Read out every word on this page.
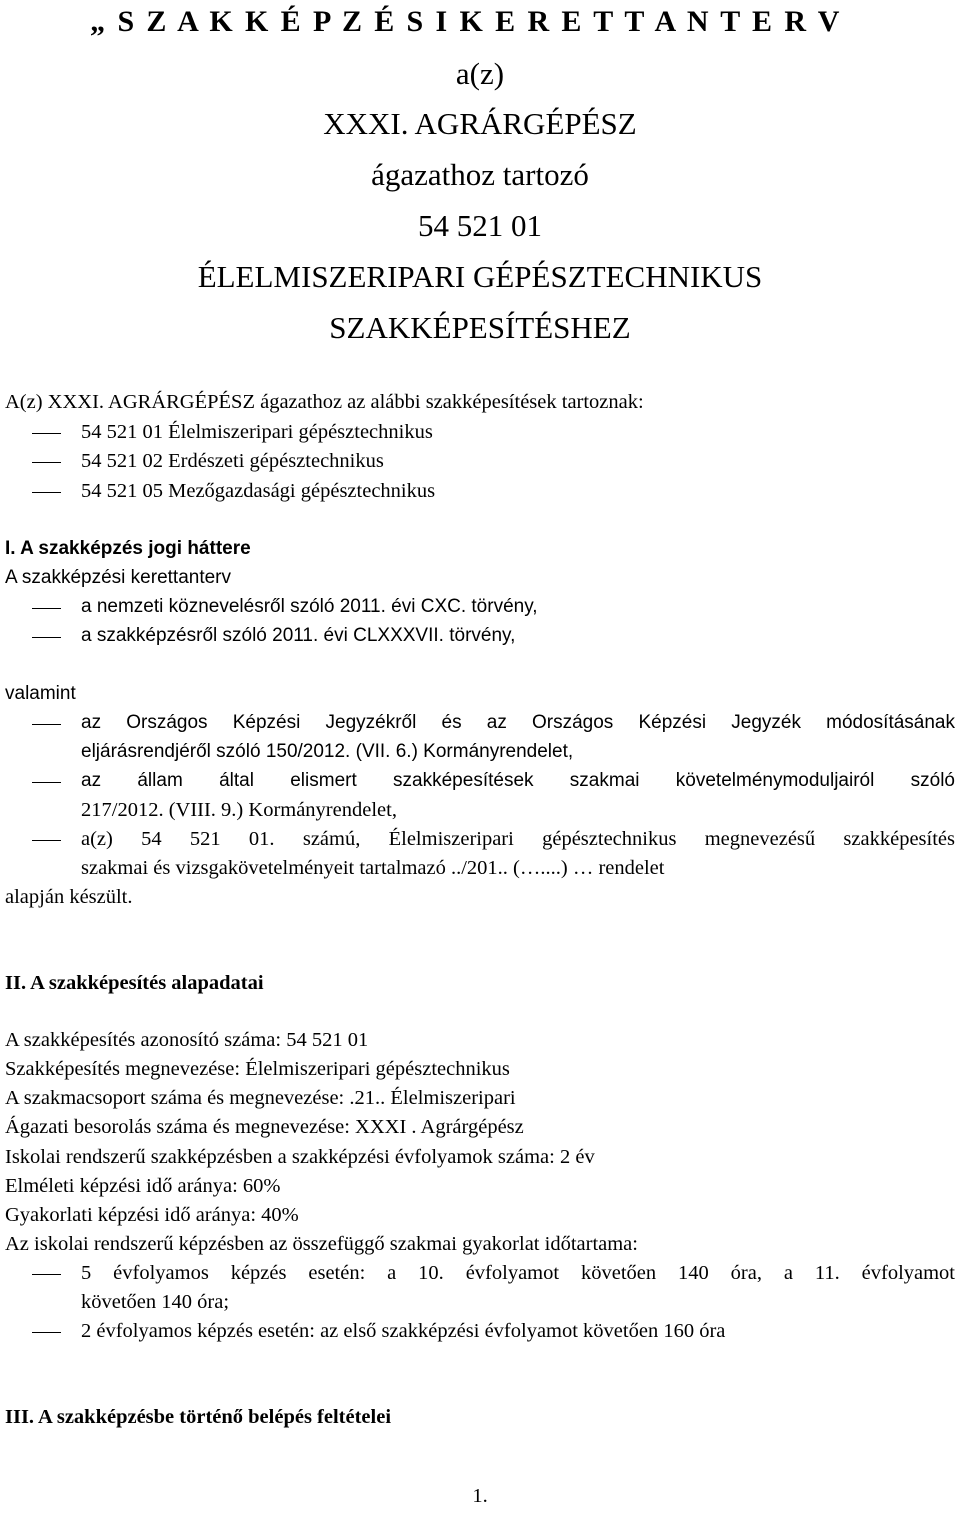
„ S Z A K K É P Z É S I K E R E T T A N T E R V
a(z)
XXXI. AGRÁRGÉPÉSZ
ágazathoz tartozó
54 521 01
ÉLELMISZERIPARI GÉPÉSZTECHNIKUS
SZAKKÉPESÍTÉSHEZ
A(z) XXXI. AGRÁRGÉPÉSZ ágazathoz az alábbi szakképesítések tartoznak:
54 521 01 Élelmiszeripari gépésztechnikus
54 521 02 Erdészeti gépésztechnikus
54 521 05 Mezőgazdasági gépésztechnikus
I. A szakképzés jogi háttere
A szakképzési kerettanterv
a nemzeti köznevelésről szóló 2011. évi CXC. törvény,
a szakképzésről szóló 2011. évi CLXXXVII. törvény,
valamint
az Országos Képzési Jegyzékről és az Országos Képzési Jegyzék módosításának
eljárásrendjéről szóló 150/2012. (VII. 6.) Kormányrendelet,
az állam által elismert szakképesítések szakmai követelménymoduljairól szóló
217/2012. (VIII. 9.) Kormányrendelet,
a(z) 54 521 01. számú, Élelmiszeripari gépésztechnikus megnevezésű szakképesítés
szakmai és vizsgakövetelményeit tartalmazó ../201.. (…....) … rendelet
alapján készült.
II. A szakképesítés alapadatai
A szakképesítés azonosító száma: 54 521 01
Szakképesítés megnevezése: Élelmiszeripari gépésztechnikus
A szakmacsoport száma és megnevezése: .21.. Élelmiszeripari
Ágazati besorolás száma és megnevezése: XXXI . Agrárgépész
Iskolai rendszerű szakképzésben a szakképzési évfolyamok száma: 2 év
Elméleti képzési idő aránya: 60%
Gyakorlati képzési idő aránya: 40%
Az iskolai rendszerű képzésben az összefüggő szakmai gyakorlat időtartama:
5 évfolyamos képzés esetén: a 10. évfolyamot követően 140 óra, a 11. évfolyamot
követően 140 óra;
2 évfolyamos képzés esetén: az első szakképzési évfolyamot követően 160 óra
III. A szakképzésbe történő belépés feltételei
1.
